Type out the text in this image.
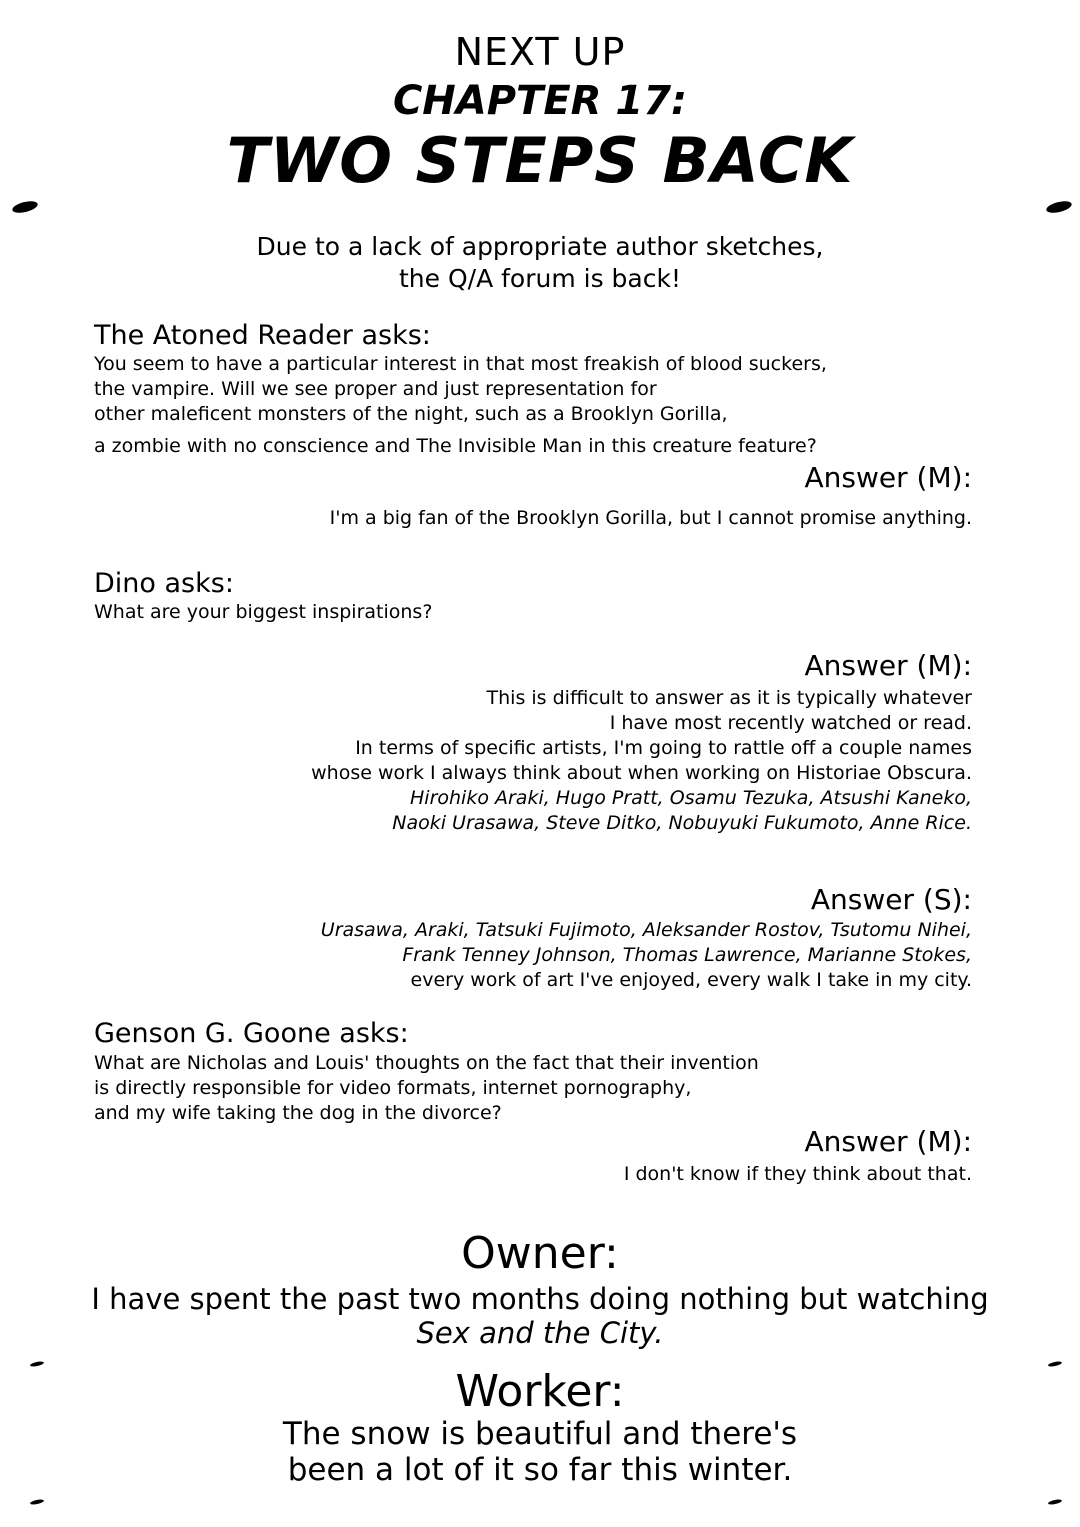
NEXT UP
CHAPTER 17:
TWO STEPS BACK
Due to a lack of appropriate author sketches,
the Q/A forum is back!
The Atoned Reader asks:
You seem to have a particular interest in that most freakish of blood suckers,
the vampire. Will we see proper and just representation for
other maleficent monsters of the night, such as a Brooklyn Gorilla,
a zombie with no conscience and The Invisible Man in this creature feature?
Answer (M):
I'm a big fan of the Brooklyn Gorilla, but I cannot promise anything.
Dino asks:
What are your biggest inspirations?
Answer (M):
This is difficult to answer as it is typically whatever
I have most recently watched or read.
In terms of specific artists, I'm going to rattle off a couple names
whose work I always think about when working on Historiae Obscura.
Hirohiko Araki, Hugo Pratt, Osamu Tezuka, Atsushi Kaneko,
Naoki Urasawa, Steve Ditko, Nobuyuki Fukumoto, Anne Rice.
Answer (S):
Urasawa, Araki, Tatsuki Fujimoto, Aleksander Rostov, Tsutomu Nihei,
Frank Tenney Johnson, Thomas Lawrence, Marianne Stokes,
every work of art I've enjoyed, every walk I take in my city.
Genson G. Goone asks:
What are Nicholas and Louis' thoughts on the fact that their invention
is directly responsible for video formats, internet pornography,
and my wife taking the dog in the divorce?
Answer (M):
I don't know if they think about that.
Owner:
I have spent the past two months doing nothing but watching
Sex and the City.
Worker:
The snow is beautiful and there's
been a lot of it so far this winter.
